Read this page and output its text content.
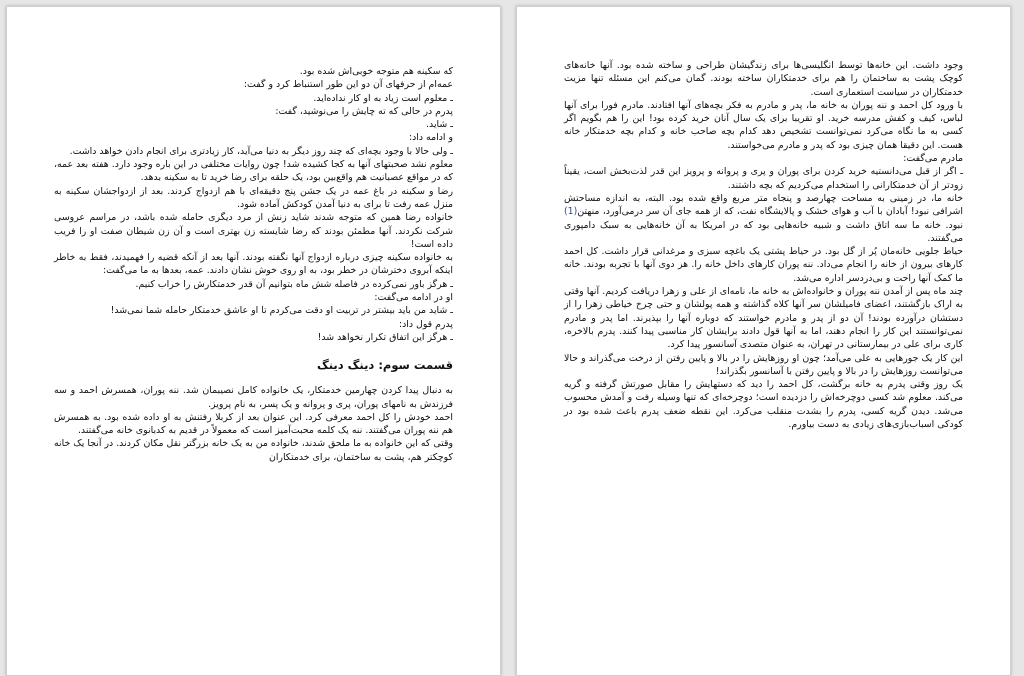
که سکینه هم متوجه خوبی‌اش شده بود.

عمه‌ام از حرفهای آن دو این طور استنباط کرد و گفت:

ـ معلوم است زیاد به او کار نداده‌اید.

پدرم در حالی که ته چایش را می‌نوشید، گفت:

ـ شاید.

و ادامه داد:

ـ ولی حالا با وجود بچه‌ای که چند روز دیگر به دنیا می‌آید، کار زیادتری برای انجام دادن خواهد داشت.

معلوم نشد صحبتهای آنها به کجا کشیده شد! چون روایات مختلفی در این باره وجود دارد. هفته بعد عمه، که در مواقع عصبانیت هم واقع‌بین بود، یک حلقه برای رضا خرید تا به سکینه بدهد.

رضا و سکینه در باغ عمه در یک جشن پنج دقیقه‌ای با هم ازدواج کردند. بعد از ازدواجشان سکینه به منزل عمه رفت تا برای به دنیا آمدن کودکش آماده شود.

خانواده رضا همین که متوجه شدند شاید زنش از مرد دیگری حامله شده باشد، در مراسم عروسی شرکت نکردند. آنها مطمئن بودند که رضا شایسته زن بهتری است و آن زن شیطان صفت او را فریب داده است!

به خانواده سکینه چیزی درباره ازدواج آنها نگفته بودند. آنها بعد از آنکه قضیه را فهمیدند، فقط به خاطر اینکه آبروی دخترشان در خطر بود، به او روی خوش نشان دادند. عمه، بعدها به ما می‌گفت:

ـ هرگز باور نمی‌کرده در فاصله شش ماه بتوانیم آن قدر خدمتکارش را خراب کنیم.

او در ادامه می‌گفت:

ـ شاید من باید بیشتر در تربیت او دقت می‌کردم تا او عاشق خدمتکار حامله شما نمی‌شد!

پدرم قول داد:

ـ هرگز این اتفاق تکرار نخواهد شد!

قسمت سوم: دینگ دینگ

به دنبال پیدا کردن چهارمین خدمتکار، یک خانواده کامل نصیبمان شد. ننه پوران، همسرش احمد و سه فرزندش به نامهای پوران، پری و پروانه و یک پسر، به نام پرویز.

احمد خودش را کل احمد معرفی کرد. این عنوان بعد از کربلا رفتنش به او داده شده بود. به همسرش هم ننه پوران می‌گفتند. ننه یک کلمه محبت‌آمیز است که معمولاً در قدیم به کدبانوی خانه می‌گفتند.

وقتی که این خانواده به ما ملحق شدند، خانواده من به یک خانه بزرگتر نقل مکان کردند. در آنجا یک خانه کوچکتر هم، پشت به ساختمان، برای خدمتکاران

وجود داشت. این خانه‌ها توسط انگلیسی‌ها برای زندگیشان طراحی و ساخته شده بود. آنها خانه‌های کوچک پشت به ساختمان را هم برای خدمتکاران ساخته بودند. گمان می‌کنم این مسئله تنها مزیت خدمتکاران در سیاست استعماری است.

با ورود کل احمد و ننه پوران به خانه ما، پدر و مادرم به فکر بچه‌های آنها افتادند. مادرم فورا برای آنها لباس، کیف و کفش مدرسه خرید. او تقریبا برای یک سال آنان خرید کرده بود! این را هم بگویم اگر کسی به ما نگاه می‌کرد نمی‌توانست تشخیص دهد کدام بچه صاحب خانه و کدام بچه خدمتکار خانه هست. این دقیقا همان چیزی بود که پدر و مادرم می‌خواستند.

مادرم می‌گفت:

ـ اگر از قبل می‌دانستیه خرید کردن برای پوران و پری و پروانه و پرویز این قدر لذت‌بخش است، یقیناً زودتر از آن خدمتکارانی را استخدام می‌کردیم که بچه داشتند.

خانه ما، در زمینی به مساحت چهارصد و پنجاه متر مربع واقع شده بود. البته، به اندازه مساحتش اشرافی نبود! آبادان با آب و هوای خشک و پالایشگاه نفت، که از همه جای آن سر درمی‌آورد، منهتن(1) نبود. خانه ما سه اتاق داشت و شبیه خانه‌هایی بود که در امریکا به آن خانه‌هایی به سبک دامپوری می‌گفتند.

حیاط جلویی خانه‌مان پُر از گل بود. در حیاط پشتی یک باغچه سبزی و مرغدانی قرار داشت. کل احمد کارهای بیرون از خانه را انجام می‌داد. ننه پوران کارهای داخل خانه را. هر دوی آنها با تجربه بودند. خانه ما کمک آنها راحت و بی‌دردسر اداره می‌شد.

چند ماه پس از آمدن ننه پوران و خانواده‌اش به خانه ما، نامه‌ای از علی و زهرا دریافت کردیم. آنها وقتی به اراک بازگشتند، اعضای فامیلشان سر آنها کلاه گذاشته و همه پولشان و حتی چرخ خیاطی زهرا را از دستشان درآورده بودند! آن دو از پدر و مادرم خواستند که دوباره آنها را بپذیرند. اما پدر و مادرم نمی‌توانستند این کار را انجام دهند، اما به آنها قول دادند برایشان کار مناسبی پیدا کنند. پدرم بالاخره، کاری برای علی در بیمارستانی در تهران، به عنوان متصدی آسانسور پیدا کرد.

این کار یک جورهایی به علی می‌آمد؛ چون او روزهایش را در بالا و پایین رفتن از درخت می‌گذراند و حالا می‌توانست روزهایش را در بالا و پایین رفتن با آسانسور بگذراند!

یک روز وقتی پدرم به خانه برگشت، کل احمد را دید که دستهایش را مقابل صورتش گرفته و گریه می‌کند. معلوم شد کسی دوچرخه‌اش را دزدیده است؛ دوچرخه‌ای که تنها وسیله رفت و آمدش محسوب می‌شد. دیدن گریه کسی، پدرم را بشدت منقلب می‌کرد. این نقطه ضعف پدرم باعث شده بود در کودکی اسباب‌بازی‌های زیادی به دست بیاورم.
